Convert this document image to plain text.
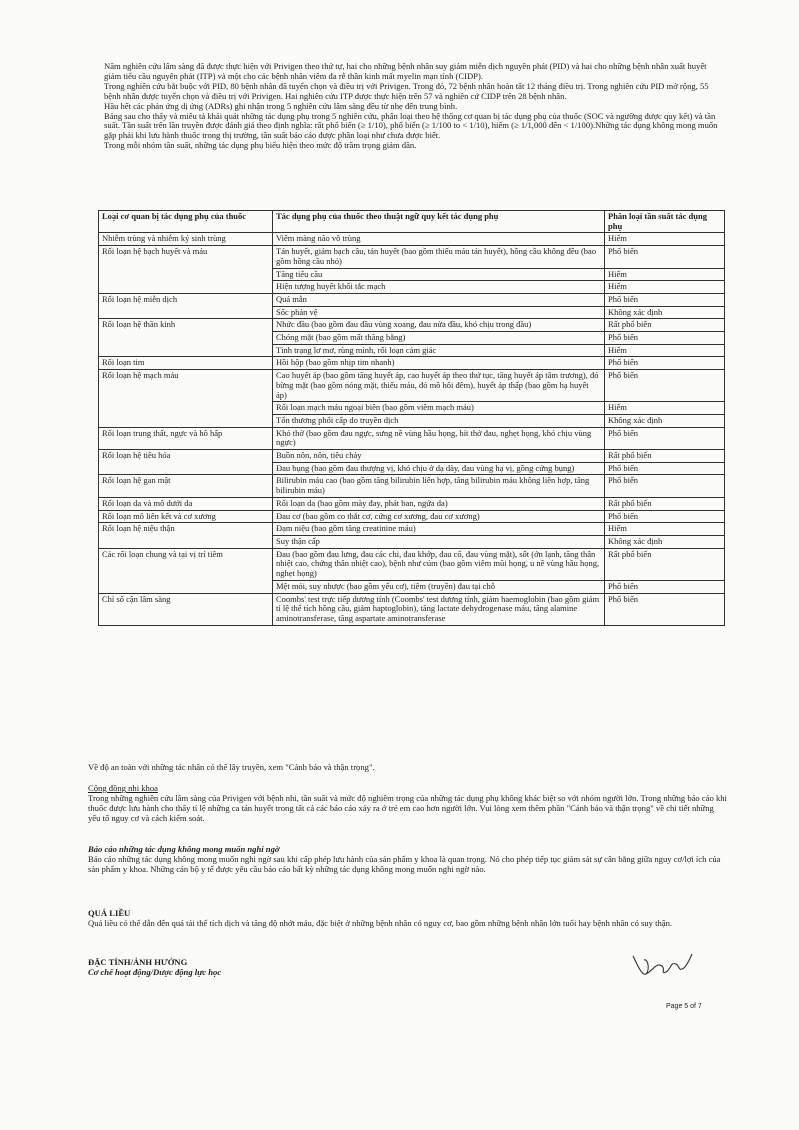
Năm nghiên cứu lâm sàng đã được thực hiện với Privigen theo thứ tự, hai cho những bệnh nhân suy giảm miễn dịch nguyên phát (PID) và hai cho những bệnh nhân xuất huyết giảm tiểu cầu nguyên phát (ITP) và một cho các bệnh nhân viêm đa rễ thần kinh mất myelin mạn tính (CIDP).

Trong nghiên cứu bắt buộc với PID, 80 bệnh nhân đã tuyển chọn và điều trị với Privigen. Trong đó, 72 bệnh nhân hoàn tất 12 tháng điều trị. Trong nghiên cứu PID mở rộng, 55 bệnh nhân được tuyển chọn và điều trị với Privigen. Hai nghiên cứu ITP được thực hiện trên 57 và nghiên cứ CIDP trên 28 bệnh nhân.

Hầu hết các phản ứng dị ứng (ADRs) ghi nhận trong 5 nghiên cứu lâm sàng đều từ nhẹ đến trung bình.

Bảng sau cho thấy và miêu tả khái quát những tác dụng phụ trong 5 nghiên cứu, phân loại theo hệ thống cơ quan bị tác dụng phụ của thuốc (SOC và ngưỡng được quy kết) và tần suất. Tần suất trên lần truyền được đánh giá theo định nghĩa: rất phổ biến (≥ 1/10), phổ biến (≥ 1/100 to < 1/10), hiếm (≥ 1/1,000 đến < 1/100).Những tác dụng không mong muốn gặp phải khi lưu hành thuốc trong thị trường, tần suất báo cáo được phân loại như chưa được biết.

Trong mỗi nhóm tần suất, những tác dụng phụ biểu hiện theo mức độ trầm trọng giảm dần.

Loại cơ quan bị tác dụng phụ của thuốc	Tác dụng phụ của thuốc theo thuật ngữ quy kết tác dụng phụ	Phân loại tần suất tác dụng phụ
Nhiễm trùng và nhiễm ký sinh trùng	Viêm màng não vô trùng	Hiếm
Rối loạn hệ bạch huyết và máu	Tán huyết, giảm bạch cầu, tán huyết (bao gồm thiếu máu tán huyết), hồng cầu không đều (bao gồm hồng cầu nhỏ)	Phổ biến
	Tăng tiểu cầu	Hiếm
	Hiện tượng huyết khối tắc mạch	Hiếm
Rối loạn hệ miễn dịch	Quá mẫn	Phổ biến
	Sốc phản vệ	Không xác định
Rối loạn hệ thần kinh	Nhức đầu (bao gồm đau đầu vùng xoang, đau nửa đầu, khó chịu trong đầu)	Rất phổ biến
	Chóng mặt (bao gồm mất thăng bằng)	Phổ biến
	Tình trạng lơ mơ, rùng mình, rối loạn cảm giác	Hiếm
Rối loạn tim	Hồi hộp (bao gồm nhịp tim nhanh)	Phổ biến
Rối loạn hệ mạch máu	Cao huyết áp (bao gồm tăng huyết áp, cao huyết áp theo thứ tục, tăng huyết áp tâm trương), đỏ bừng mặt (bao gồm nóng mặt, thiếu máu, đỏ mồ hôi đêm), huyết áp thấp (bao gồm hạ huyết áp)	Phổ biến
	Rối loạn mạch máu ngoại biên (bao gồm viêm mạch máu)	Hiếm
	Tổn thương phổi cấp do truyền dịch	Không xác định
Rối loạn trung thất, ngực và hô hấp	Khó thở (bao gồm đau ngực, sưng nề vùng hầu họng, hít thở đau, nghẹt họng, khó chịu vùng ngực)	Phổ biến
Rối loạn hệ tiêu hóa	Buồn nôn, nôn, tiêu chảy	Rất phổ biến
	Đau bụng (bao gồm đau thượng vị, khó chịu ở dạ dày, đau vùng hạ vị, gồng cứng bụng)	Phổ biến
Rối loạn hệ gan mật	Bilirubin máu cao (bao gồm tăng bilirubin liên hợp, tăng bilirubin máu không liên hợp, tăng bilirubin máu)	Phổ biến
Rối loạn da và mô dưới da	Rối loạn da (bao gồm mày đay, phát ban, ngứa da)	Rất phổ biến
Rối loạn mô liên kết và cơ xương	Đau cơ (bao gồm co thắt cơ, cứng cơ xương, đau cơ xương)	Phổ biến
Rối loạn hệ niệu thận	Đạm niệu (bao gồm tăng creatinine máu)	Hiếm
	Suy thận cấp	Không xác định
Các rối loạn chung và tại vị trí tiêm	Đau (bao gồm đau lưng, đau các chi, đau khớp, đau cổ, đau vùng mặt), sốt (ớn lạnh, tăng thân nhiệt cao, chứng thân nhiệt cao), bệnh như cúm (bao gồm viêm mũi họng, u nề vùng hầu họng, nghẹt họng)	Rất phổ biến
	Mệt mỏi, suy nhược (bao gồm yếu cơ), tiêm (truyền) đau tại chỗ	Phổ biến
Chỉ số cận lâm sàng	Coombs' test trực tiếp dương tính (Coombs' test dương tính, giảm haemoglobin (bao gồm giảm tỉ lệ thể tích hồng cầu, giảm haptoglobin), tăng lactate dehydrogenase máu, tăng alamine aminotransferase, tăng aspartate aminotransferase	Phổ biến

Về độ an toàn với những tác nhân có thể lây truyền, xem "Cảnh báo và thận trọng".

Cộng đồng nhi khoa

Trong những nghiên cứu lâm sàng của Privigen với bệnh nhi, tần suất và mức độ nghiêm trọng của những tác dụng phụ không khác biệt so với nhóm người lớn. Trong những báo cáo khi thuốc được lưu hành cho thấy tỉ lệ những ca tán huyết trong tất cả các báo cáo xảy ra ở trẻ em cao hơn người lớn. Vui lòng xem thêm phần "Cảnh báo và thận trọng" về chi tiết những yếu tố nguy cơ và cách kiểm soát.

Báo cáo những tác dụng không mong muốn nghi ngờ

Báo cáo những tác dụng không mong muốn nghi ngờ sau khi cấp phép lưu hành của sản phẩm y khoa là quan trọng. Nó cho phép tiếp tục giám sát sự cân bằng giữa nguy cơ/lợi ích của sản phẩm y khoa. Những cán bộ y tế được yêu cầu báo cáo bất kỳ những tác dụng không mong muốn nghi ngờ nào.

QUÁ LIỀU

Quá liều có thể dẫn đến quá tải thể tích dịch và tăng độ nhớt máu, đặc biệt ở những bệnh nhân có nguy cơ, bao gồm những bệnh nhân lớn tuổi hay bệnh nhân có suy thận.

ĐẶC TÍNH/ẢNH HƯỞNG

Cơ chế hoạt động/Dược động lực học

Page 5 of 7
